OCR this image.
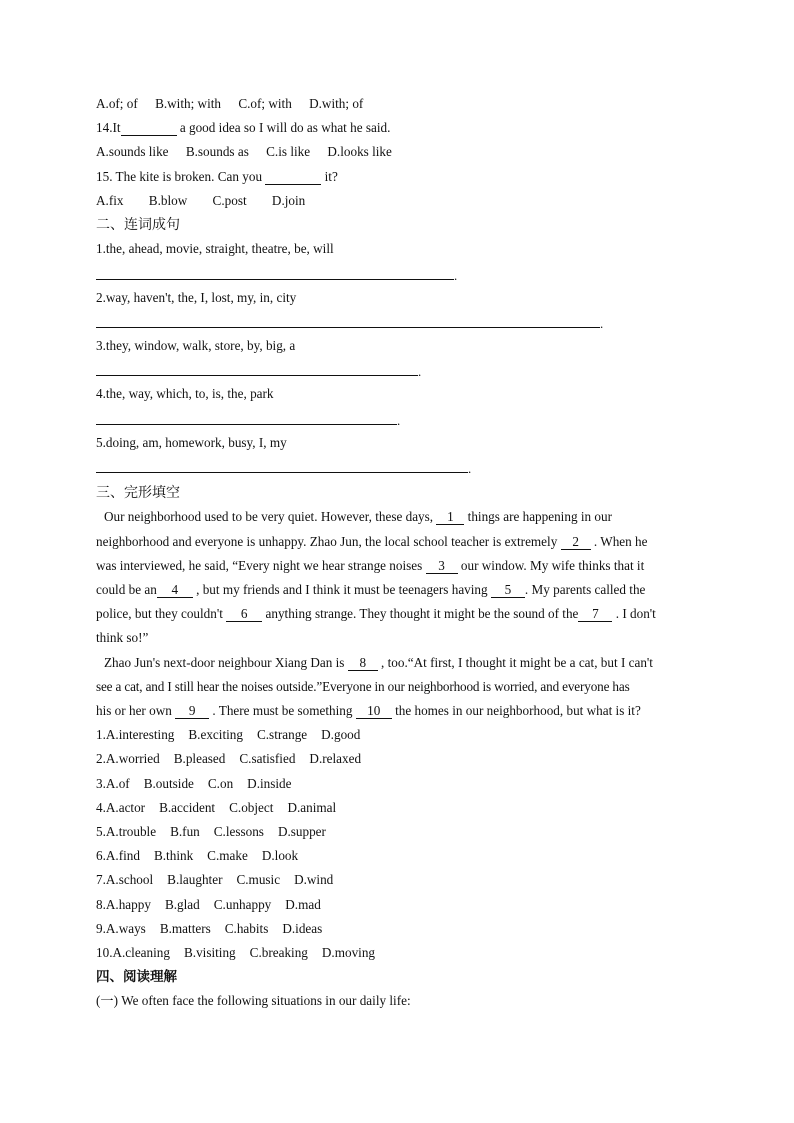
A.of; of B.with; with C.of; with D.with; of
14.It	a good idea so I will do as what he said.
A.sounds like B.sounds as C.is like D.looks like
15. The kite is broken. Can you	it?
A.fix B.blow C.post D.join
二、连词成句
1.the, ahead, movie, straight, theatre, be, will
.
2.way, haven't, the, I, lost, my, in, city
.
3.they, window, walk, store, by, big, a
.
4.the, way, which, to, is, the, park
.
5.doing, am, homework, busy, I, my
.
三、完形填空
Our neighborhood used to be very quiet. However, these days, 1 things are happening in our
neighborhood and everyone is unhappy. Zhao Jun, the local school teacher is extremely 2 . When he
was interviewed, he said, “Every night we hear strange noises 3 our window. My wife thinks that it
could be an 4 , but my friends and I think it must be teenagers having 5 . My parents called the
police, but they couldn't 6 anything strange. They thought it might be the sound of the 7 . I don't
think so!”
Zhao Jun's next-door neighbour Xiang Dan is 8 , too.“At first, I thought it might be a cat, but I can't
see a cat, and I still hear the noises outside.”Everyone in our neighborhood is worried, and everyone has
his or her own 9 . There must be something 10 the homes in our neighborhood, but what is it?
1.A.interesting B.exciting C.strange D.good
2.A.worried B.pleased C.satisfied D.relaxed
3.A.of B.outside C.on D.inside
4.A.actor B.accident C.object D.animal
5.A.trouble B.fun C.lessons D.supper
6.A.find B.think C.make D.look
7.A.school B.laughter C.music D.wind
8.A.happy B.glad C.unhappy D.mad
9.A.ways B.matters C.habits D.ideas
10.A.cleaning B.visiting C.breaking D.moving
四、阅读理解
(一) We often face the following situations in our daily life:
